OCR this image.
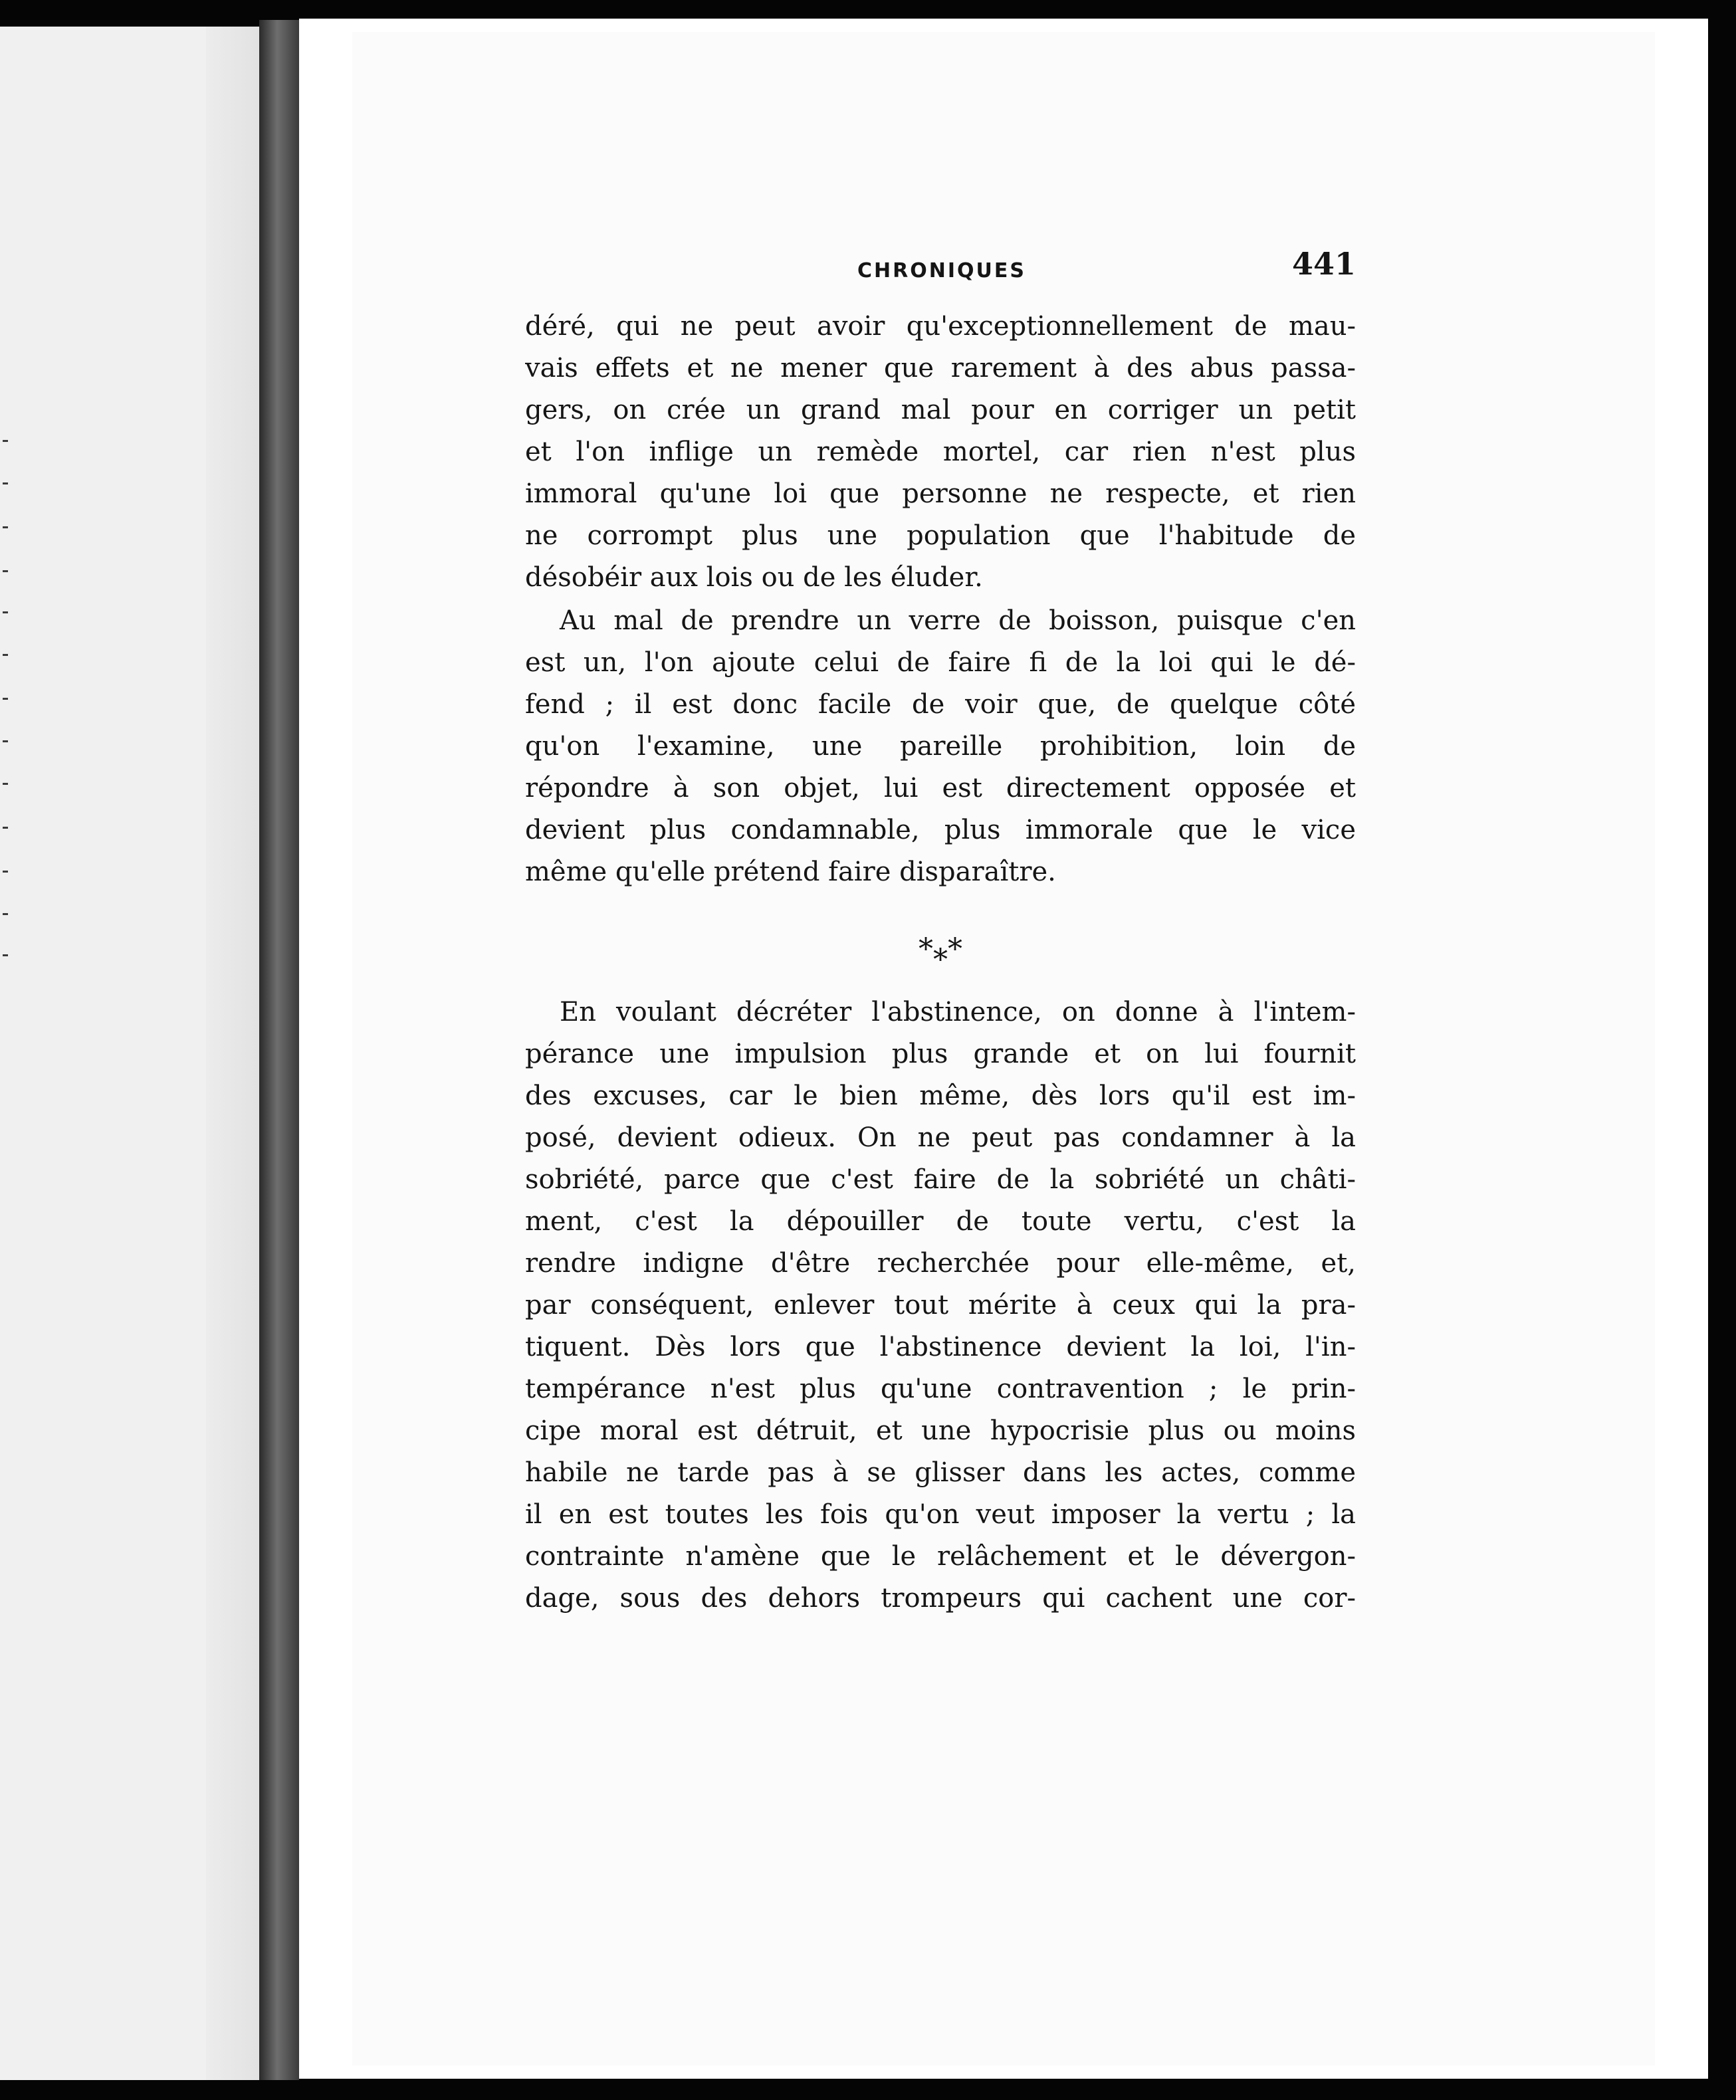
CHRONIQUES	441
déré, qui ne peut avoir qu'exceptionnellement de mau-
vais effets et ne mener que rarement à des abus passa-
gers, on crée un grand mal pour en corriger un petit
et l'on inflige un remède mortel, car rien n'est plus
immoral qu'une loi que personne ne respecte, et rien
ne corrompt plus une population que l'habitude de
désobéir aux lois ou de les éluder.
Au mal de prendre un verre de boisson, puisque c'en
est un, l'on ajoute celui de faire fi de la loi qui le dé-
fend ; il est donc facile de voir que, de quelque côté
qu'on l'examine, une pareille prohibition, loin de
répondre à son objet, lui est directement opposée et
devient plus condamnable, plus immorale que le vice
même qu'elle prétend faire disparaître.
***
En voulant décréter l'abstinence, on donne à l'intem-
pérance une impulsion plus grande et on lui fournit
des excuses, car le bien même, dès lors qu'il est im-
posé, devient odieux. On ne peut pas condamner à la
sobriété, parce que c'est faire de la sobriété un châti-
ment, c'est la dépouiller de toute vertu, c'est la
rendre indigne d'être recherchée pour elle-même, et,
par conséquent, enlever tout mérite à ceux qui la pra-
tiquent. Dès lors que l'abstinence devient la loi, l'in-
tempérance n'est plus qu'une contravention ; le prin-
cipe moral est détruit, et une hypocrisie plus ou moins
habile ne tarde pas à se glisser dans les actes, comme
il en est toutes les fois qu'on veut imposer la vertu ; la
contrainte n'amène que le relâchement et le dévergon-
dage, sous des dehors trompeurs qui cachent une cor-
